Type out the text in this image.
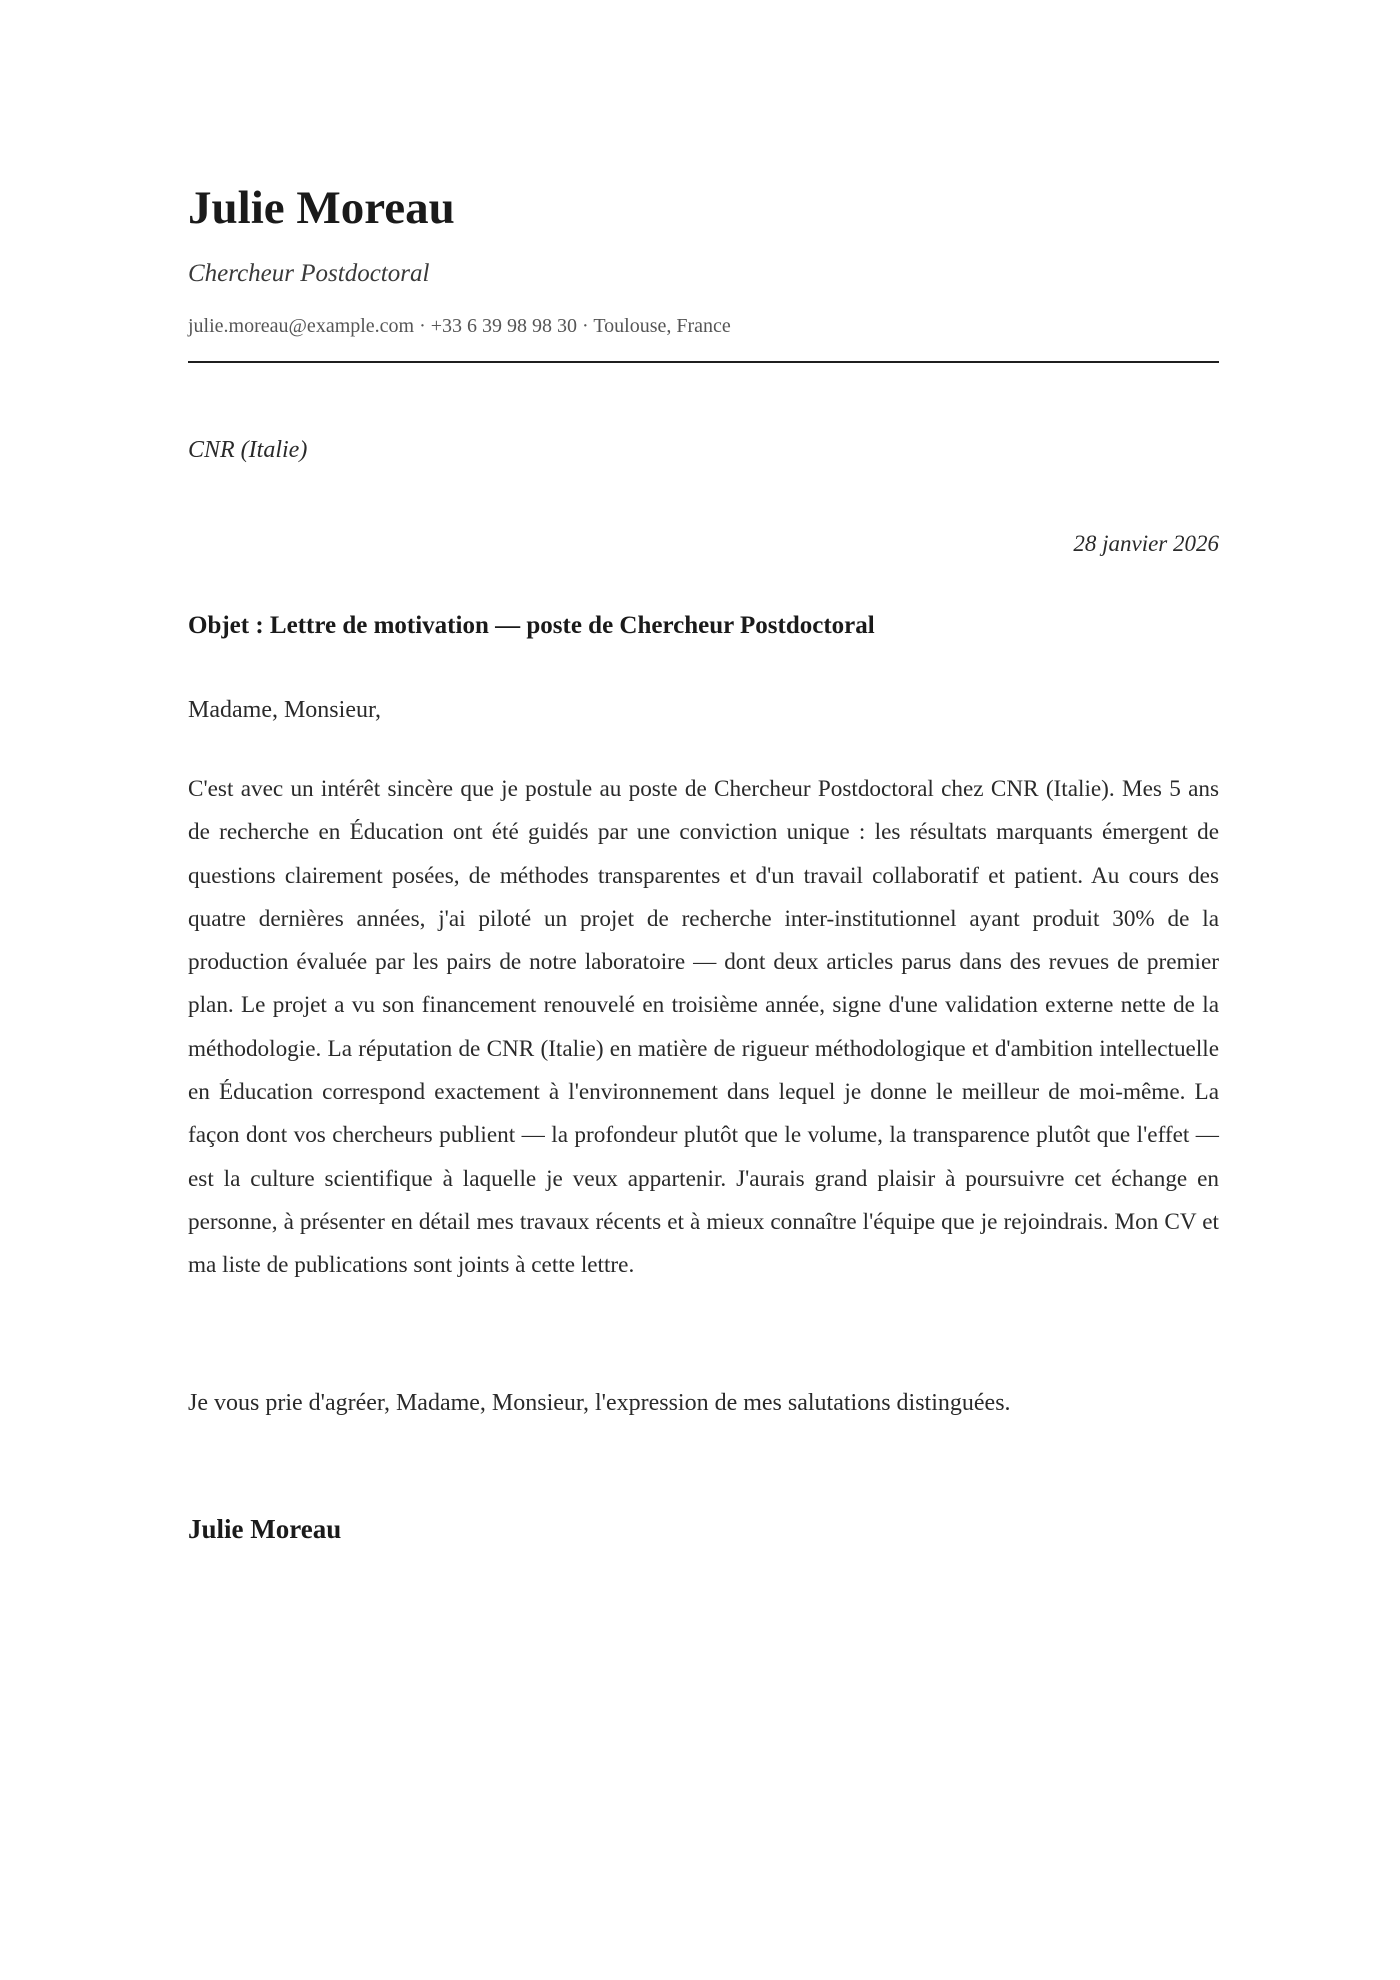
Julie Moreau
Chercheur Postdoctoral
julie.moreau@example.com · +33 6 39 98 98 30 · Toulouse, France
CNR (Italie)
28 janvier 2026
Objet : Lettre de motivation — poste de Chercheur Postdoctoral
Madame, Monsieur,

C'est avec un intérêt sincère que je postule au poste de Chercheur Postdoctoral chez CNR (Italie). Mes 5 ans de recherche en Éducation ont été guidés par une conviction unique : les résultats marquants émergent de questions clairement posées, de méthodes transparentes et d'un travail collaboratif et patient. Au cours des quatre dernières années, j'ai piloté un projet de recherche inter-institutionnel ayant produit 30% de la production évaluée par les pairs de notre laboratoire — dont deux articles parus dans des revues de premier plan. Le projet a vu son financement renouvelé en troisième année, signe d'une validation externe nette de la méthodologie. La réputation de CNR (Italie) en matière de rigueur méthodologique et d'ambition intellectuelle en Éducation correspond exactement à l'environnement dans lequel je donne le meilleur de moi-même. La façon dont vos chercheurs publient — la profondeur plutôt que le volume, la transparence plutôt que l'effet — est la culture scientifique à laquelle je veux appartenir. J'aurais grand plaisir à poursuivre cet échange en personne, à présenter en détail mes travaux récents et à mieux connaître l'équipe que je rejoindrais. Mon CV et ma liste de publications sont joints à cette lettre.

Je vous prie d'agréer, Madame, Monsieur, l'expression de mes salutations distinguées.
Julie Moreau
